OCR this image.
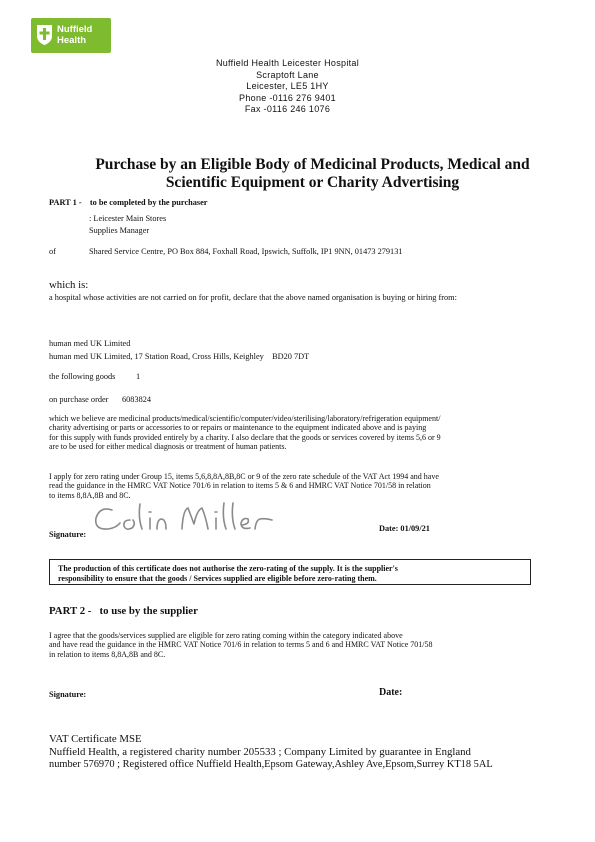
Nuffield
Health
Nuffield Health Leicester Hospital
Scraptoft Lane
Leicester, LE5 1HY
Phone -0116 276 9401
Fax -0116 246 1076
Purchase by an Eligible Body of Medicinal Products, Medical and
Scientific Equipment or Charity Advertising
PART 1 -    to be completed by the purchaser
: Leicester Main Stores
Supplies Manager
of	Shared Service Centre, PO Box 884, Foxhall Road, Ipswich, Suffolk, IP1 9NN, 01473 279131
which is:
a hospital whose activities are not carried on for profit, declare that the above named organisation is buying or hiring from:
human med UK Limited
human med UK Limited, 17 Station Road, Cross Hills, Keighley    BD20 7DT
the following goods 1
on purchase order 6083824
which we believe are medicinal products/medical/scientific/computer/video/sterilising/laboratory/refrigeration equipment/
charity advertising or parts or accessories to or repairs or maintenance to the equipment indicated above and is paying
for this supply with funds provided entirely by a charity. I also declare that the goods or services covered by items 5,6 or 9
are to be used for either medical diagnosis or treatment of human patients.
I apply for zero rating under Group 15, items 5,6,8,8A,8B,8C or 9 of the zero rate schedule of the VAT Act 1994 and have
read the guidance in the HMRC VAT Notice 701/6 in relation to items 5 & 6 and HMRC VAT Notice 701/58 in relation
to items 8,8A,8B and 8C.
Signature:
Date: 01/09/21
The production of this certificate does not authorise the zero-rating of the supply. It is the supplier's
responsibility to ensure that the goods / Services supplied are eligible before zero-rating them.
PART 2 -   to use by the supplier
I agree that the goods/services supplied are eligible for zero rating coming within the category indicated above
and have read the guidance in the HMRC VAT Notice 701/6 in relation to terms 5 and 6 and HMRC VAT Notice 701/58
in relation to items 8,8A,8B and 8C.
Signature:	Date:
VAT Certificate MSE
Nuffield Health, a registered charity number 205533 ; Company Limited by guarantee in England
number 576970 ; Registered office Nuffield Health,Epsom Gateway,Ashley Ave,Epsom,Surrey KT18 5AL
